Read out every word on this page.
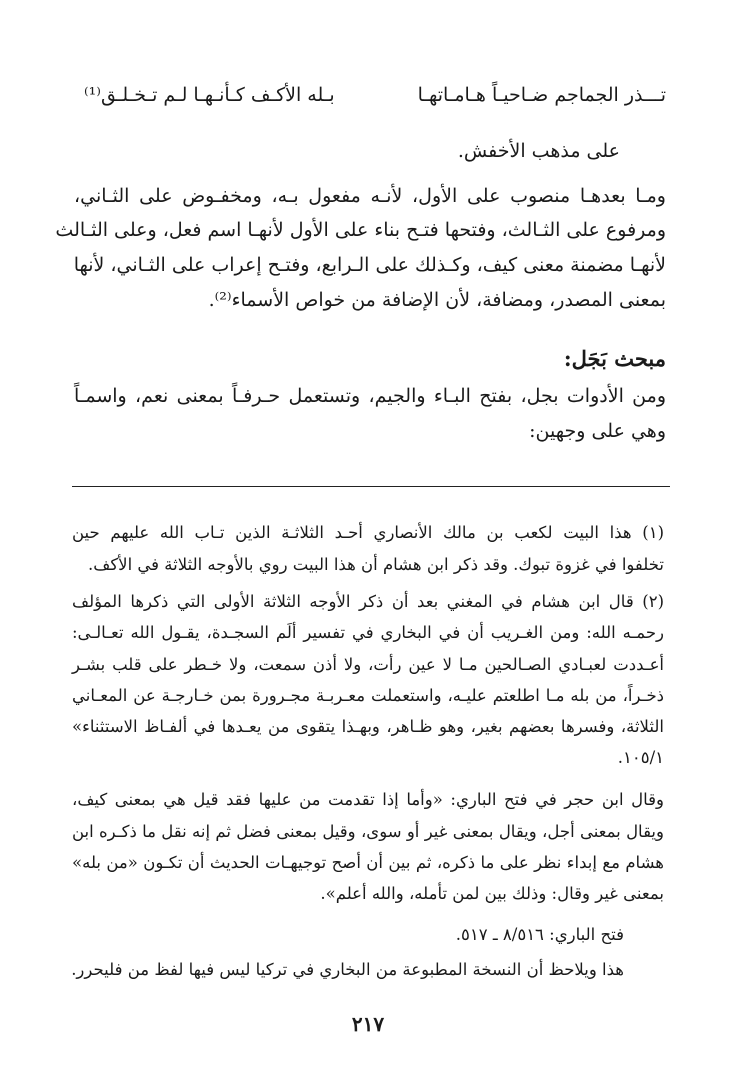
تـــذر الجماجم ضـاحيـاً هـامـاتهـا
بـله الأكـف كـأنـهـا لـم تـخـلـق⁽¹⁾
على مذهب الأخفش.
ومـا بعدهـا منصوب على الأول، لأنـه مفعول بـه، ومخفـوض على الثـاني،
ومرفوع على الثـالث، وفتحها فتـح بناء على الأول لأنهـا اسم فعل، وعلى الثـالث
لأنهـا مضمنة معنى كيف، وكـذلك على الـرابع، وفتـح إعراب على الثـاني، لأنها
بمعنى المصدر، ومضافة، لأن الإضافة من خواص الأسماء⁽²⁾.
مبحث بَجَل:
ومن الأدوات بجل، بفتح البـاء والجيم، وتستعمل حـرفـاً بمعنى نعم، واسمـاً
وهي على وجهين:
(١) هذا البيت لكعب بن مالك الأنصاري أحـد الثلاثـة الذين تـاب الله عليهم حين
تخلفوا في غزوة تبوك. وقد ذكر ابن هشام أن هذا البيت روي بالأوجه الثلاثة في الأكف.
(٢) قال ابن هشام في المغني بعد أن ذكر الأوجه الثلاثة الأولى التي ذكرها المؤلف
رحمـه الله: ومن الغـريب أن في البخاري في تفسير ألَم السجـدة، يقـول الله تعـالـى:
أعـددت لعبـادي الصـالحين مـا لا عين رأت، ولا أذن سمعت، ولا خـطر على قلب بشـر
ذخـراً، من بله مـا اطلعتم عليـه، واستعملت معـربـة مجـرورة بمن خـارجـة عن المعـاني
الثلاثة، وفسرها بعضهم بغير، وهو ظـاهر، وبهـذا يتقوى من يعـدها في ألفـاظ الاستثناء»
١٠٥/١.
وقال ابن حجر في فتح الباري: «وأما إذا تقدمت من عليها فقد قيل هي بمعنى كيف،
ويقال بمعنى أجل، ويقال بمعنى غير أو سوى، وقيل بمعنى فضل ثم إنه نقل ما ذكـره ابن
هشام مع إبداء نظر على ما ذكره، ثم بين أن أصح توجيهـات الحديث أن تكـون «من بله»
بمعنى غير وقال: وذلك بين لمن تأمله، والله أعلم».
فتح الباري: ٨/٥١٦ ـ ٥١٧.
هذا ويلاحظ أن النسخة المطبوعة من البخاري في تركيا ليس فيها لفظ من فليحرر.
٢١٧
